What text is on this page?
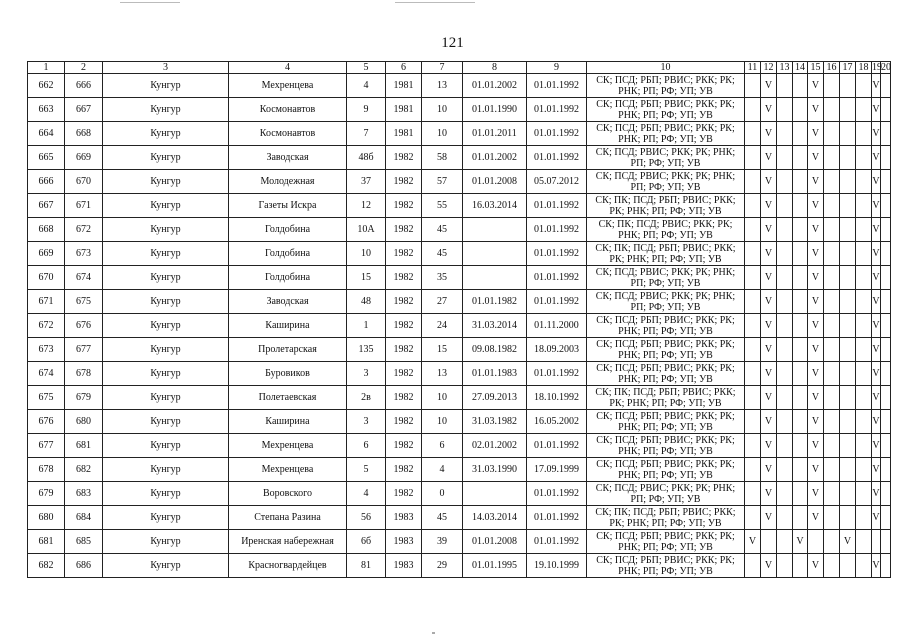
121
1	2	3	4	5	6	7	8	9	10	11	12	13	14	15	16	17	18	19	20
662	666	Кунгур	Мехренцева	4	1981	13	01.01.2002	01.01.1992	СК; ПСД; РБП; РВИС; РКК; РК; РНК; РП; РФ; УП; УВ		V			V				V	
663	667	Кунгур	Космонавтов	9	1981	10	01.01.1990	01.01.1992	СК; ПСД; РБП; РВИС; РКК; РК; РНК; РП; РФ; УП; УВ		V			V				V	
664	668	Кунгур	Космонавтов	7	1981	10	01.01.2011	01.01.1992	СК; ПСД; РБП; РВИС; РКК; РК; РНК; РП; РФ; УП; УВ		V			V				V	
665	669	Кунгур	Заводская	48б	1982	58	01.01.2002	01.01.1992	СК; ПСД; РВИС; РКК; РК; РНК; РП; РФ; УП; УВ		V			V				V	
666	670	Кунгур	Молодежная	37	1982	57	01.01.2008	05.07.2012	СК; ПСД; РВИС; РКК; РК; РНК; РП; РФ; УП; УВ		V			V				V	
667	671	Кунгур	Газеты Искра	12	1982	55	16.03.2014	01.01.1992	СК; ПК; ПСД; РБП; РВИС; РКК; РК; РНК; РП; РФ; УП; УВ		V			V				V	
668	672	Кунгур	Голдобина	10А	1982	45		01.01.1992	СК; ПК; ПСД; РВИС; РКК; РК; РНК; РП; РФ; УП; УВ		V			V				V	
669	673	Кунгур	Голдобина	10	1982	45		01.01.1992	СК; ПК; ПСД; РБП; РВИС; РКК; РК; РНК; РП; РФ; УП; УВ		V			V				V	
670	674	Кунгур	Голдобина	15	1982	35		01.01.1992	СК; ПСД; РВИС; РКК; РК; РНК; РП; РФ; УП; УВ		V			V				V	
671	675	Кунгур	Заводская	48	1982	27	01.01.1982	01.01.1992	СК; ПСД; РВИС; РКК; РК; РНК; РП; РФ; УП; УВ		V			V				V	
672	676	Кунгур	Каширина	1	1982	24	31.03.2014	01.11.2000	СК; ПСД; РБП; РВИС; РКК; РК; РНК; РП; РФ; УП; УВ		V			V				V	
673	677	Кунгур	Пролетарская	135	1982	15	09.08.1982	18.09.2003	СК; ПСД; РБП; РВИС; РКК; РК; РНК; РП; РФ; УП; УВ		V			V				V	
674	678	Кунгур	Буровиков	3	1982	13	01.01.1983	01.01.1992	СК; ПСД; РБП; РВИС; РКК; РК; РНК; РП; РФ; УП; УВ		V			V				V	
675	679	Кунгур	Полетаевская	2в	1982	10	27.09.2013	18.10.1992	СК; ПК; ПСД; РБП; РВИС; РКК; РК; РНК; РП; РФ; УП; УВ		V			V				V	
676	680	Кунгур	Каширина	3	1982	10	31.03.1982	16.05.2002	СК; ПСД; РБП; РВИС; РКК; РК; РНК; РП; РФ; УП; УВ		V			V				V	
677	681	Кунгур	Мехренцева	6	1982	6	02.01.2002	01.01.1992	СК; ПСД; РБП; РВИС; РКК; РК; РНК; РП; РФ; УП; УВ		V			V				V	
678	682	Кунгур	Мехренцева	5	1982	4	31.03.1990	17.09.1999	СК; ПСД; РБП; РВИС; РКК; РК; РНК; РП; РФ; УП; УВ		V			V				V	
679	683	Кунгур	Воровского	4	1982	0		01.01.1992	СК; ПСД; РВИС; РКК; РК; РНК; РП; РФ; УП; УВ		V			V				V	
680	684	Кунгур	Степана Разина	56	1983	45	14.03.2014	01.01.1992	СК; ПК; ПСД; РБП; РВИС; РКК; РК; РНК; РП; РФ; УП; УВ		V			V				V	
681	685	Кунгур	Иренская набережная	6б	1983	39	01.01.2008	01.01.1992	СК; ПСД; РБП; РВИС; РКК; РК; РНК; РП; РФ; УП; УВ	V			V			V			
682	686	Кунгур	Красногвардейцев	81	1983	29	01.01.1995	19.10.1999	СК; ПСД; РБП; РВИС; РКК; РК; РНК; РП; РФ; УП; УВ		V			V				V	
